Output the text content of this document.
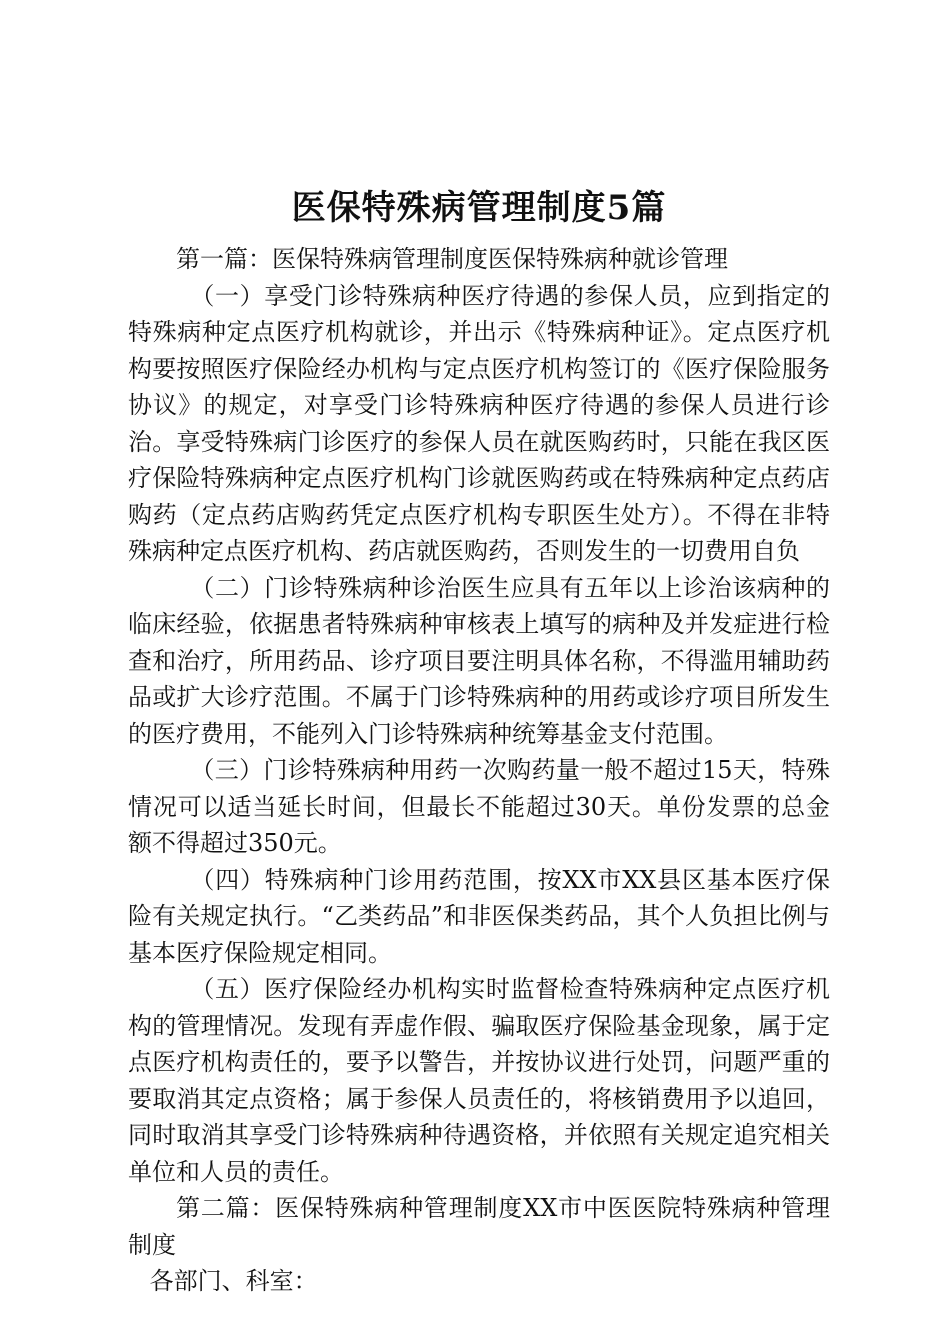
医保特殊病管理制度5篇

第一篇：医保特殊病管理制度医保特殊病种就诊管理

（一）享受门诊特殊病种医疗待遇的参保人员，应到指定的特殊病种定点医疗机构就诊，并出示《特殊病种证》。定点医疗机构要按照医疗保险经办机构与定点医疗机构签订的《医疗保险服务协议》的规定，对享受门诊特殊病种医疗待遇的参保人员进行诊治。享受特殊病门诊医疗的参保人员在就医购药时，只能在我区医疗保险特殊病种定点医疗机构门诊就医购药或在特殊病种定点药店购药（定点药店购药凭定点医疗机构专职医生处方）。不得在非特殊病种定点医疗机构、药店就医购药，否则发生的一切费用自负

（二）门诊特殊病种诊治医生应具有五年以上诊治该病种的临床经验，依据患者特殊病种审核表上填写的病种及并发症进行检查和治疗，所用药品、诊疗项目要注明具体名称，不得滥用辅助药品或扩大诊疗范围。不属于门诊特殊病种的用药或诊疗项目所发生的医疗费用，不能列入门诊特殊病种统筹基金支付范围。

（三）门诊特殊病种用药一次购药量一般不超过15天，特殊情况可以适当延长时间，但最长不能超过30天。单份发票的总金额不得超过350元。

（四）特殊病种门诊用药范围，按XX市XX县区基本医疗保险有关规定执行。“乙类药品”和非医保类药品，其个人负担比例与基本医疗保险规定相同。

（五）医疗保险经办机构实时监督检查特殊病种定点医疗机构的管理情况。发现有弄虚作假、骗取医疗保险基金现象，属于定点医疗机构责任的，要予以警告，并按协议进行处罚，问题严重的要取消其定点资格；属于参保人员责任的，将核销费用予以追回，同时取消其享受门诊特殊病种待遇资格，并依照有关规定追究相关单位和人员的责任。

第二篇：医保特殊病种管理制度XX市中医医院特殊病种管理制度

各部门、科室：
